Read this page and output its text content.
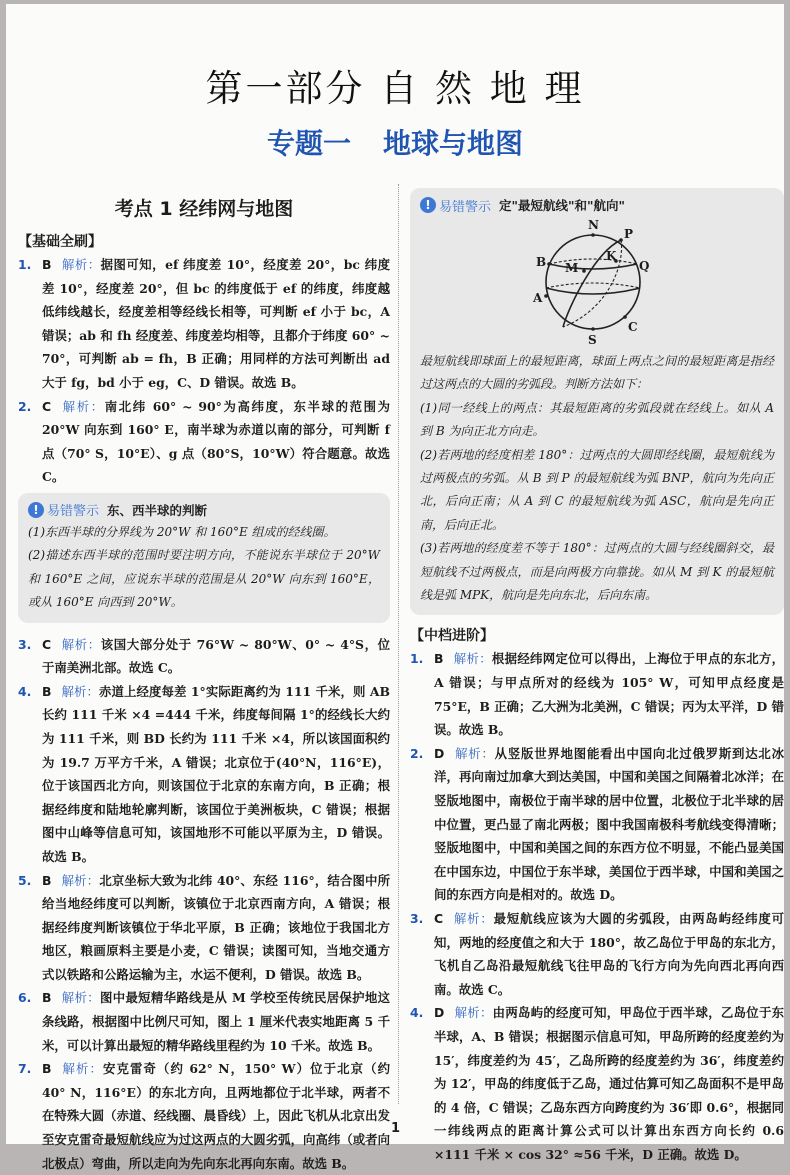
第一部分 自 然 地 理
专题一 地球与地图
考点 1 经纬网与地图
【基础全刷】
1. B 解析：据图可知，ef 纬度差 10°，经度差 20°，bc 纬度差 10°，经度差 20°，但 bc 的纬度低于 ef 的纬度，纬度越低纬线越长，经度差相等经线长相等，可判断 ef 小于 bc，A 错误；ab 和 fh 经度差、纬度差均相等，且都介于纬度 60° ~ 70°，可判断 ab = fh，B 正确；用同样的方法可判断出 ad 大于 fg，bd 小于 eg，C、D 错误。故选 B。
2. C 解析：南北纬 60° ~ 90°为高纬度，东半球的范围为 20°W 向东到 160° E，南半球为赤道以南的部分，可判断 f 点（70° S，10°E）、g 点（80°S，10°W）符合题意。故选 C。
! 易错警示 东、西半球的判断

(1)东西半球的分界线为 20°W 和 160°E 组成的经线圈。

(2)描述东西半球的范围时要注明方向，不能说东半球位于 20°W 和 160°E 之间，应说东半球的范围是从 20°W 向东到 160°E，或从 160°E 向西到 20°W。

3. C 解析：该国大部分处于 76°W ~ 80°W、0° ~ 4°S，位于南美洲北部。故选 C。
4. B 解析：赤道上经度每差 1°实际距离约为 111 千米，则 AB 长约 111 千米 ×4 =444 千米，纬度每间隔 1°的经线长大约为 111 千米，则 BD 长约为 111 千米 ×4，所以该国面积约为 19.7 万平方千米，A 错误；北京位于(40°N，116°E)，位于该国西北方向，则该国位于北京的东南方向，B 正确；根据经纬度和陆地轮廓判断，该国位于美洲板块，C 错误；根据图中山峰等信息可知，该国地形不可能以平原为主，D 错误。故选 B。
5. B 解析：北京坐标大致为北纬 40°、东经 116°，结合图中所给当地经纬度可以判断，该镇位于北京西南方向，A 错误；根据经纬度判断该镇位于华北平原，B 正确；该地位于我国北方地区，粮画原料主要是小麦，C 错误；读图可知，当地交通方式以铁路和公路运输为主，水运不便利，D 错误。故选 B。
6. B 解析：图中最短精华路线是从 M 学校至传统民居保护地这条线路，根据图中比例尺可知，图上 1 厘米代表实地距离 5 千米，可以计算出最短的精华路线里程约为 10 千米。故选 B。
7. B 解析：安克雷奇（约 62° N，150° W）位于北京（约 40° N，116°E）的东北方向，且两地都位于北半球，两者不在特殊大圆（赤道、经线圈、晨昏线）上，因此飞机从北京出发至安克雷奇最短航线应为过这两点的大圆劣弧，向高纬（或者向北极点）弯曲，所以走向为先向东北再向东南。故选 B。
! 易错警示 定"最短航线"和"航向"
N
P
K
B M	Q
A
C
S

最短航线即球面上的最短距离，球面上两点之间的最短距离是指经过这两点的大圆的劣弧段。判断方法如下：

(1)同一经线上的两点：其最短距离的劣弧段就在经线上。如从 A 到 B 为向正北方向走。

(2)若两地的经度相差 180°：过两点的大圆即经线圈，最短航线为过两极点的劣弧。从 B 到 P 的最短航线为弧 BNP，航向为先向正北，后向正南；从 A 到 C 的最短航线为弧 ASC，航向是先向正南，后向正北。

(3)若两地的经度差不等于 180°：过两点的大圆与经线圈斜交，最短航线不过两极点，而是向两极方向靠拢。如从 M 到 K 的最短航线是弧 MPK，航向是先向东北，后向东南。

【中档进阶】
1. B 解析：根据经纬网定位可以得出，上海位于甲点的东北方，A 错误；与甲点所对的经线为 105° W，可知甲点经度是 75°E，B 正确；乙大洲为北美洲，C 错误；丙为太平洋，D 错误。故选 B。
2. D 解析：从竖版世界地图能看出中国向北过俄罗斯到达北冰洋，再向南过加拿大到达美国，中国和美国之间隔着北冰洋；在竖版地图中，南极位于南半球的居中位置，北极位于北半球的居中位置，更凸显了南北两极；图中我国南极科考航线变得清晰；竖版地图中，中国和美国之间的东西方位不明显，不能凸显美国在中国东边，中国位于东半球，美国位于西半球，中国和美国之间的东西方向是相对的。故选 D。
3. C 解析：最短航线应该为大圆的劣弧段，由两岛屿经纬度可知，两地的经度值之和大于 180°，故乙岛位于甲岛的东北方，飞机自乙岛沿最短航线飞往甲岛的飞行方向为先向西北再向西南。故选 C。
4. D 解析：由两岛屿的经度可知，甲岛位于西半球，乙岛位于东半球，A、B 错误；根据图示信息可知，甲岛所跨的经度差约为 15′，纬度差约为 45′，乙岛所跨的经度差约为 36′，纬度差约为 12′，甲岛的纬度低于乙岛，通过估算可知乙岛面积不是甲岛的 4 倍，C 错误；乙岛东西方向跨度约为 36′即 0.6°，根据同一纬线两点的距离计算公式可以计算出东西方向长约 0.6 ×111 千米 × cos 32° ≈56 千米，D 正确。故选 D。
1
